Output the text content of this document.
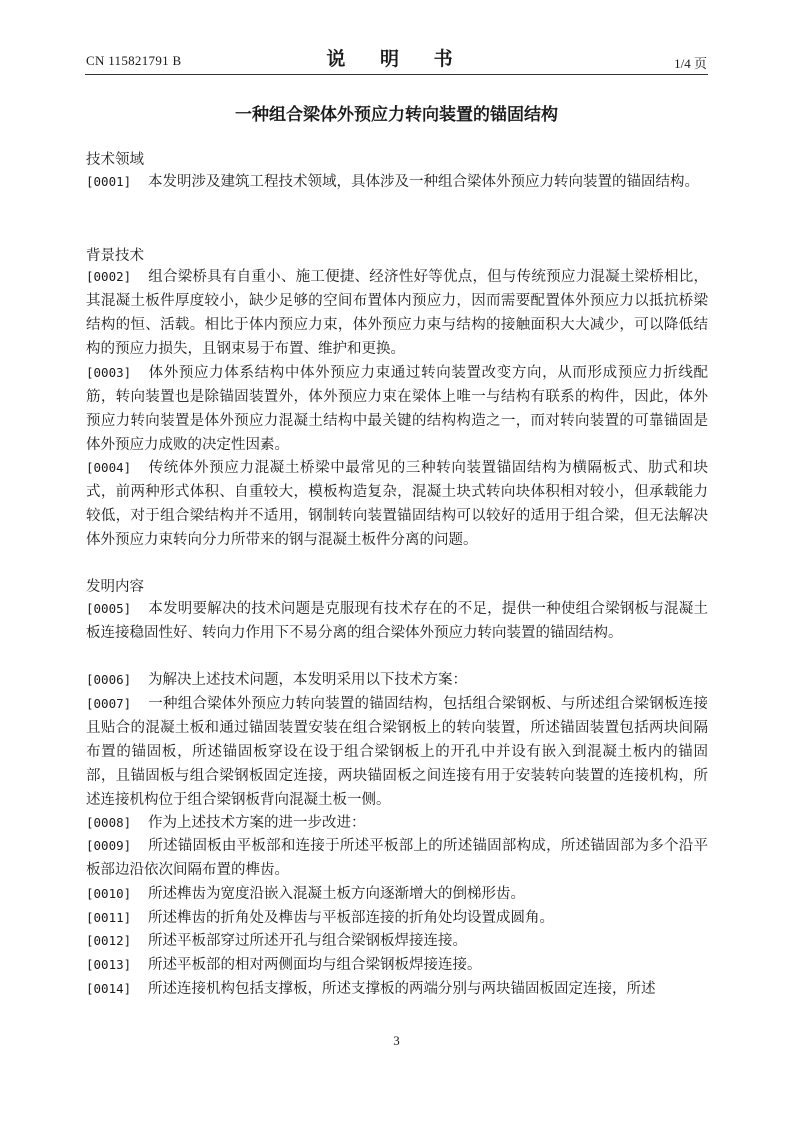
CN 115821791 B	说 明 书	1/4 页
一种组合梁体外预应力转向装置的锚固结构
技术领域
[0001] 本发明涉及建筑工程技术领域，具体涉及一种组合梁体外预应力转向装置的锚固结构。
背景技术
[0002] 组合梁桥具有自重小、施工便捷、经济性好等优点，但与传统预应力混凝土梁桥相比，其混凝土板件厚度较小，缺少足够的空间布置体内预应力，因而需要配置体外预应力以抵抗桥梁结构的恒、活载。相比于体内预应力束，体外预应力束与结构的接触面积大大减少，可以降低结构的预应力损失，且钢束易于布置、维护和更换。
[0003] 体外预应力体系结构中体外预应力束通过转向装置改变方向，从而形成预应力折线配筋，转向装置也是除锚固装置外，体外预应力束在梁体上唯一与结构有联系的构件，因此，体外预应力转向装置是体外预应力混凝土结构中最关键的结构构造之一，而对转向装置的可靠锚固是体外预应力成败的决定性因素。
[0004] 传统体外预应力混凝土桥梁中最常见的三种转向装置锚固结构为横隔板式、肋式和块式，前两种形式体积、自重较大，模板构造复杂，混凝土块式转向块体积相对较小，但承载能力较低，对于组合梁结构并不适用，钢制转向装置锚固结构可以较好的适用于组合梁，但无法解决体外预应力束转向分力所带来的钢与混凝土板件分离的问题。
发明内容
[0005] 本发明要解决的技术问题是克服现有技术存在的不足，提供一种使组合梁钢板与混凝土板连接稳固性好、转向力作用下不易分离的组合梁体外预应力转向装置的锚固结构。
[0006] 为解决上述技术问题，本发明采用以下技术方案：
[0007] 一种组合梁体外预应力转向装置的锚固结构，包括组合梁钢板、与所述组合梁钢板连接且贴合的混凝土板和通过锚固装置安装在组合梁钢板上的转向装置，所述锚固装置包括两块间隔布置的锚固板，所述锚固板穿设在设于组合梁钢板上的开孔中并设有嵌入到混凝土板内的锚固部，且锚固板与组合梁钢板固定连接，两块锚固板之间连接有用于安装转向装置的连接机构，所述连接机构位于组合梁钢板背向混凝土板一侧。
[0008] 作为上述技术方案的进一步改进：
[0009] 所述锚固板由平板部和连接于所述平板部上的所述锚固部构成，所述锚固部为多个沿平板部边沿依次间隔布置的榫齿。
[0010] 所述榫齿为宽度沿嵌入混凝土板方向逐渐增大的倒梯形齿。
[0011] 所述榫齿的折角处及榫齿与平板部连接的折角处均设置成圆角。
[0012] 所述平板部穿过所述开孔与组合梁钢板焊接连接。
[0013] 所述平板部的相对两侧面均与组合梁钢板焊接连接。
[0014] 所述连接机构包括支撑板，所述支撑板的两端分别与两块锚固板固定连接，所述
3
